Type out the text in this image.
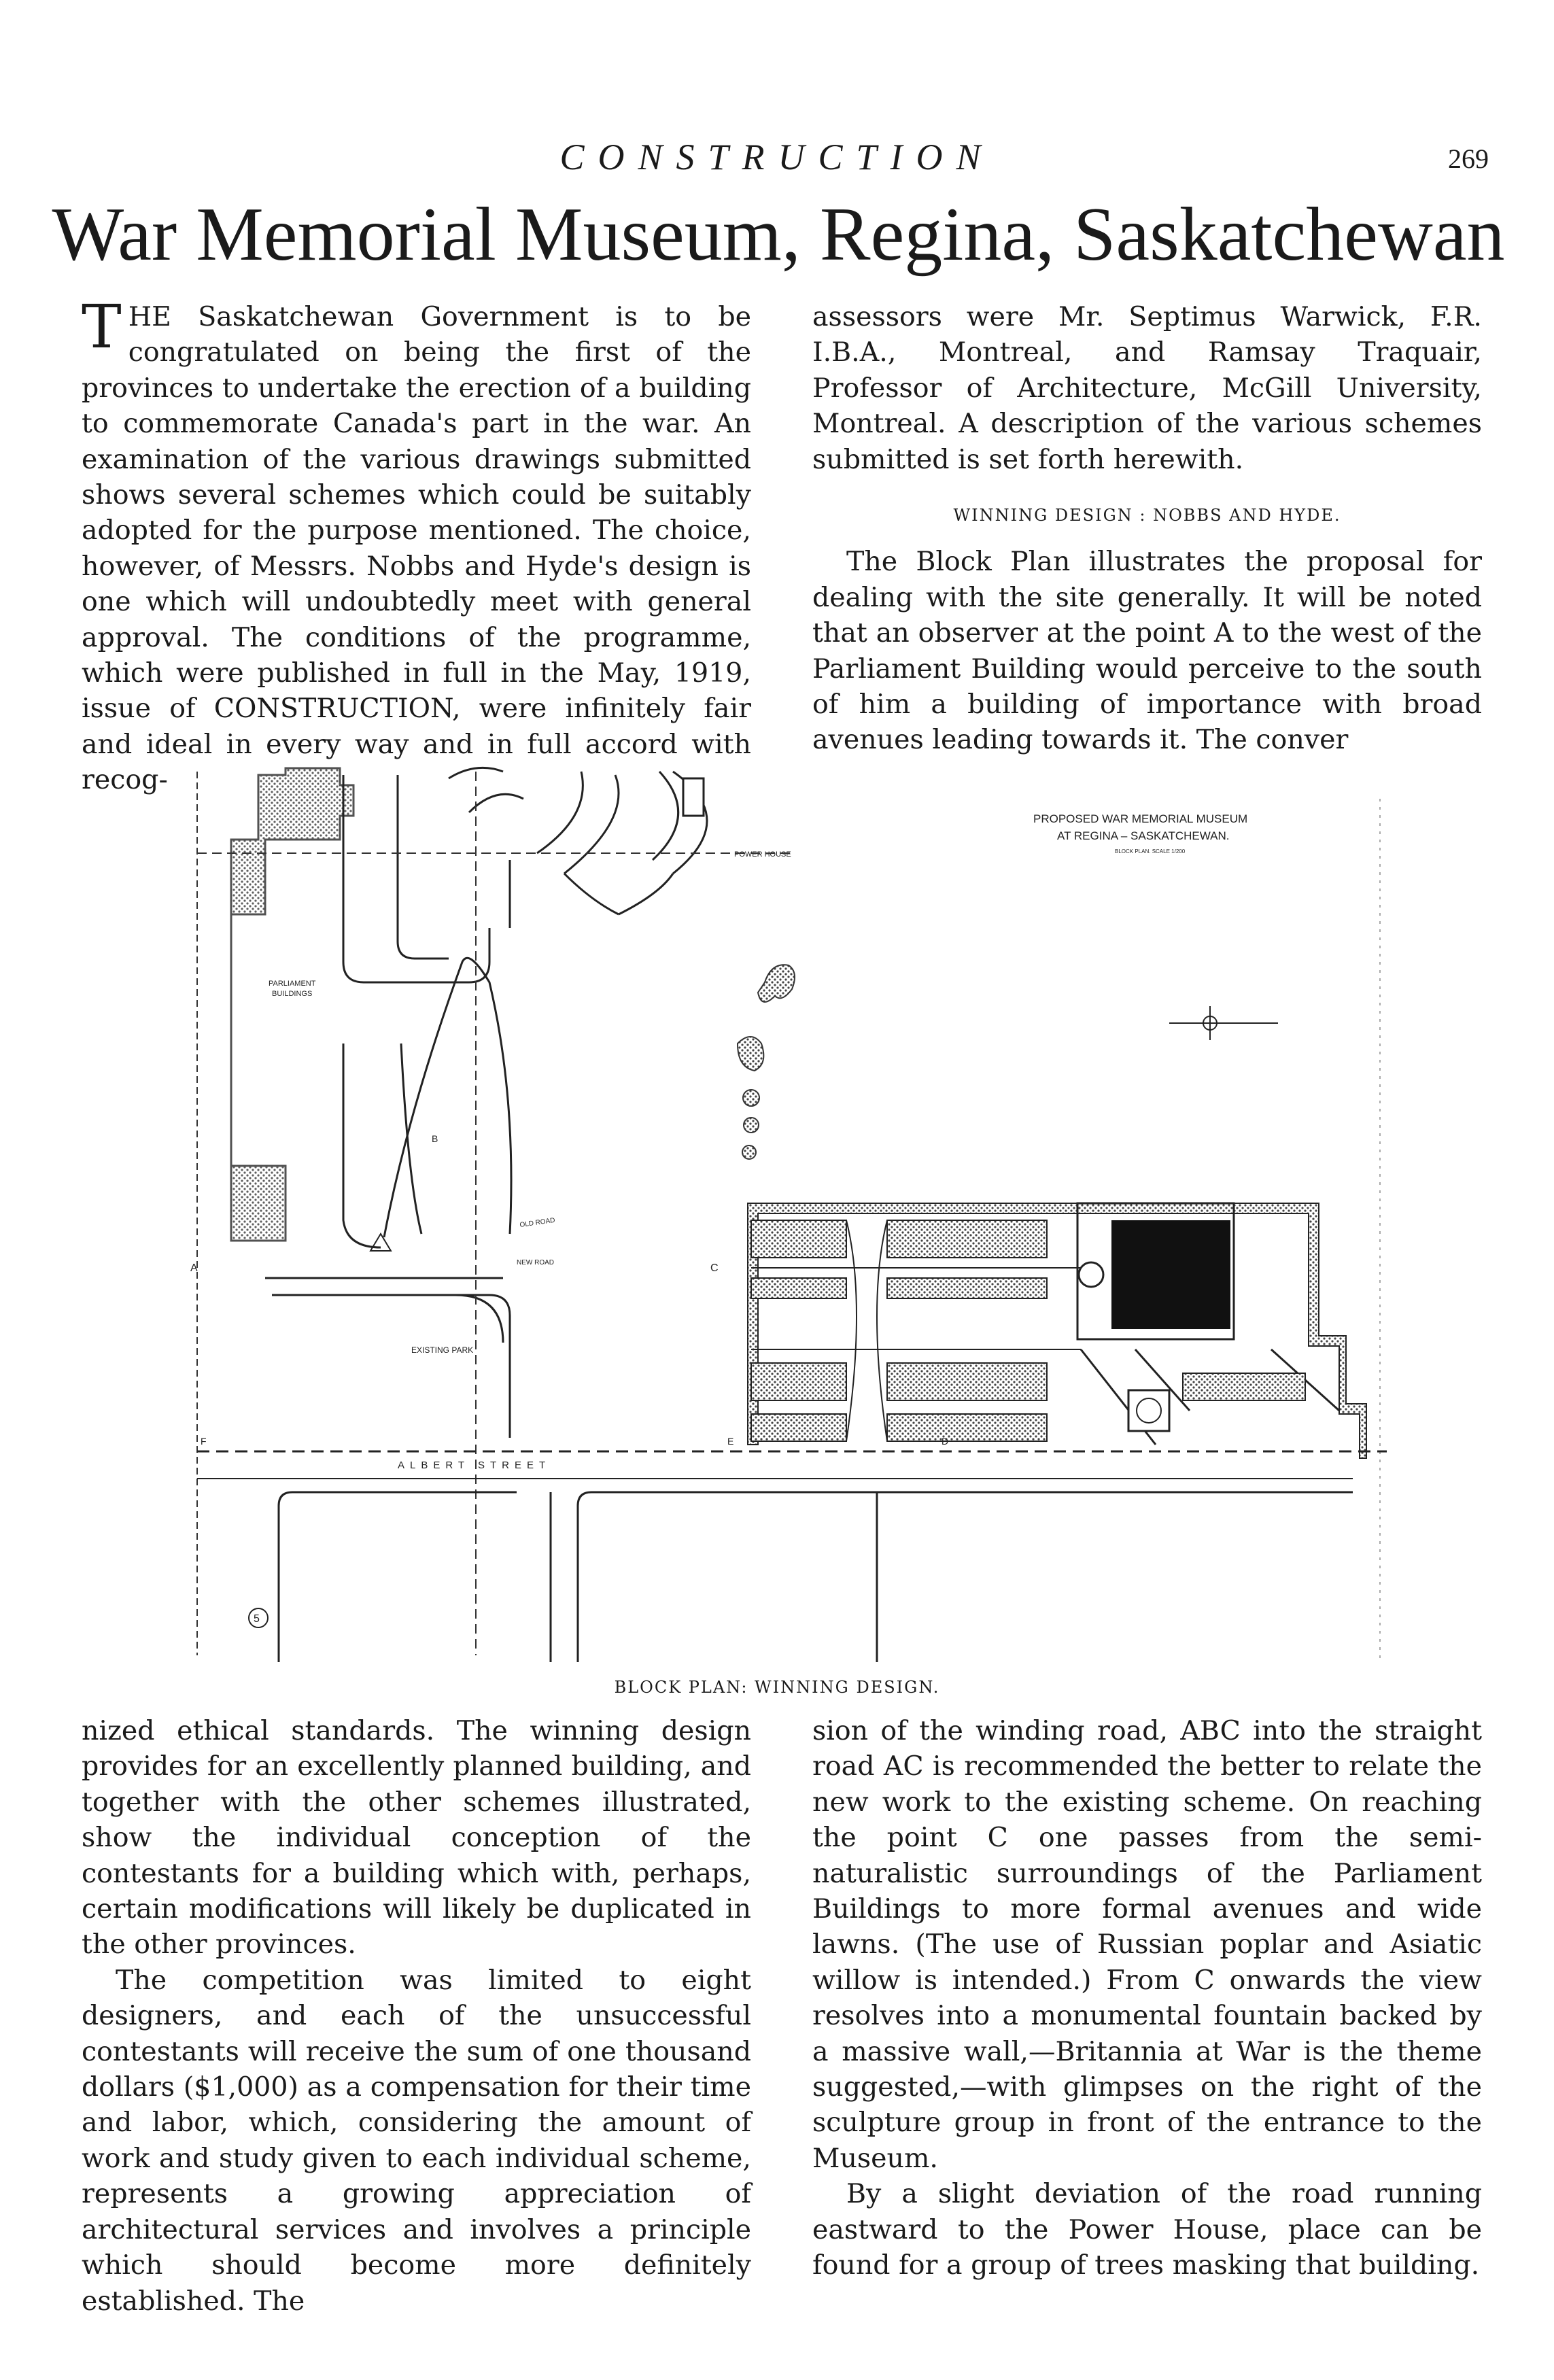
CONSTRUCTION	269
War Memorial Museum, Regina, Saskatchewan

THE Saskatchewan Government is to be congratulated on being the first of the provinces to undertake the erection of a building to commemorate Canada's part in the war. An examination of the various drawings submitted shows several schemes which could be suitably adopted for the purpose mentioned. The choice, however, of Messrs. Nobbs and Hyde's design is one which will undoubtedly meet with general approval. The conditions of the programme, which were published in full in the May, 1919, issue of CONSTRUCTION, were infinitely fair and ideal in every way and in full accord with recog-

assessors were Mr. Septimus Warwick, F.R. I.B.A., Montreal, and Ramsay Traquair, Professor of Architecture, McGill University, Montreal. A description of the various schemes submitted is set forth herewith.

WINNING DESIGN : NOBBS AND HYDE.

The Block Plan illustrates the proposal for dealing with the site generally. It will be noted that an observer at the point A to the west of the Parliament Building would perceive to the south of him a building of importance with broad avenues leading towards it. The conver

PARLIAMENT
BUILDINGS
POWER HOUSE
OLD ROAD
NEW ROAD
EXISTING PARK
A
B
C
D
E
F
ALBERT STREET
5
PROPOSED WAR MEMORIAL MUSEUM
AT REGINA – SASKATCHEWAN.
BLOCK PLAN. SCALE 1/200
BLOCK PLAN: WINNING DESIGN.

nized ethical standards. The winning design provides for an excellently planned building, and together with the other schemes illustrated, show the individual conception of the contestants for a building which with, perhaps, certain modifications will likely be duplicated in the other provinces.

The competition was limited to eight designers, and each of the unsuccessful contestants will receive the sum of one thousand dollars ($1,000) as a compensation for their time and labor, which, considering the amount of work and study given to each individual scheme, represents a growing appreciation of architectural services and involves a principle which should become more definitely established. The

sion of the winding road, ABC into the straight road AC is recommended the better to relate the new work to the existing scheme. On reaching the point C one passes from the semi-naturalistic surroundings of the Parliament Buildings to more formal avenues and wide lawns. (The use of Russian poplar and Asiatic willow is intended.) From C onwards the view resolves into a monumental fountain backed by a massive wall,—Britannia at War is the theme suggested,—with glimpses on the right of the sculpture group in front of the entrance to the Museum.

By a slight deviation of the road running eastward to the Power House, place can be found for a group of trees masking that building.
